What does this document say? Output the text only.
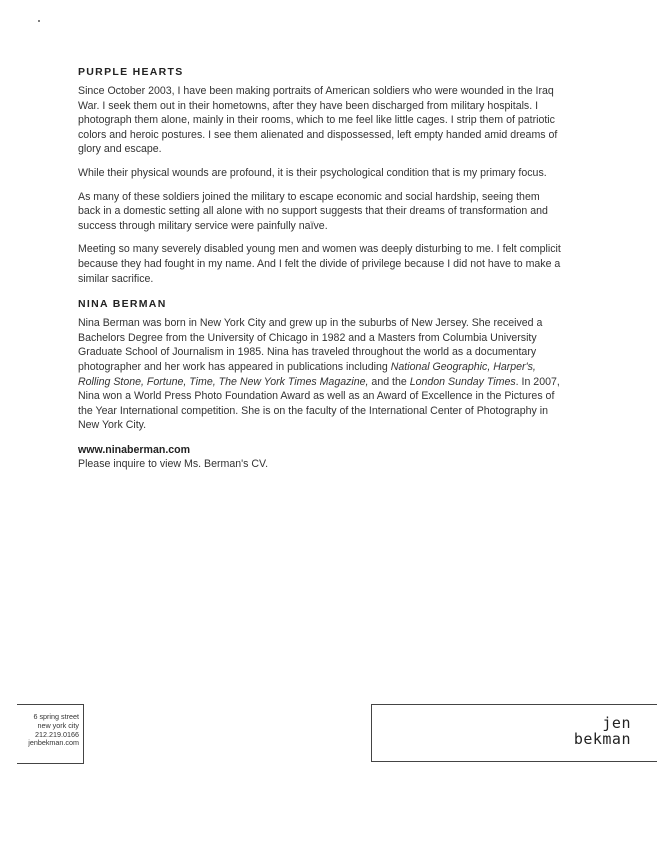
PURPLE HEARTS

Since October 2003, I have been making portraits of American soldiers who were wounded in the Iraq War. I seek them out in their hometowns, after they have been discharged from military hospitals. I photograph them alone, mainly in their rooms, which to me feel like little cages. I strip them of patriotic colors and heroic postures. I see them alienated and dispossessed, left empty handed amid dreams of glory and escape.

While their physical wounds are profound, it is their psychological condition that is my primary focus.

As many of these soldiers joined the military to escape economic and social hardship, seeing them back in a domestic setting all alone with no support suggests that their dreams of transformation and success through military service were painfully naïve.

Meeting so many severely disabled young men and women was deeply disturbing to me. I felt complicit because they had fought in my name. And I felt the divide of privilege because I did not have to make a similar sacrifice.

NINA BERMAN

Nina Berman was born in New York City and grew up in the suburbs of New Jersey. She received a Bachelors Degree from the University of Chicago in 1982 and a Masters from Columbia University Graduate School of Journalism in 1985. Nina has traveled throughout the world as a documentary photographer and her work has appeared in publications including National Geographic, Harper's, Rolling Stone, Fortune, Time, The New York Times Magazine, and the London Sunday Times. In 2007, Nina won a World Press Photo Foundation Award as well as an Award of Excellence in the Pictures of the Year International competition. She is on the faculty of the International Center of Photography in New York City.

www.ninaberman.com
Please inquire to view Ms. Berman's CV.
6 spring street
new york city
212.219.0166
jenbekman.com
jen
bekman
